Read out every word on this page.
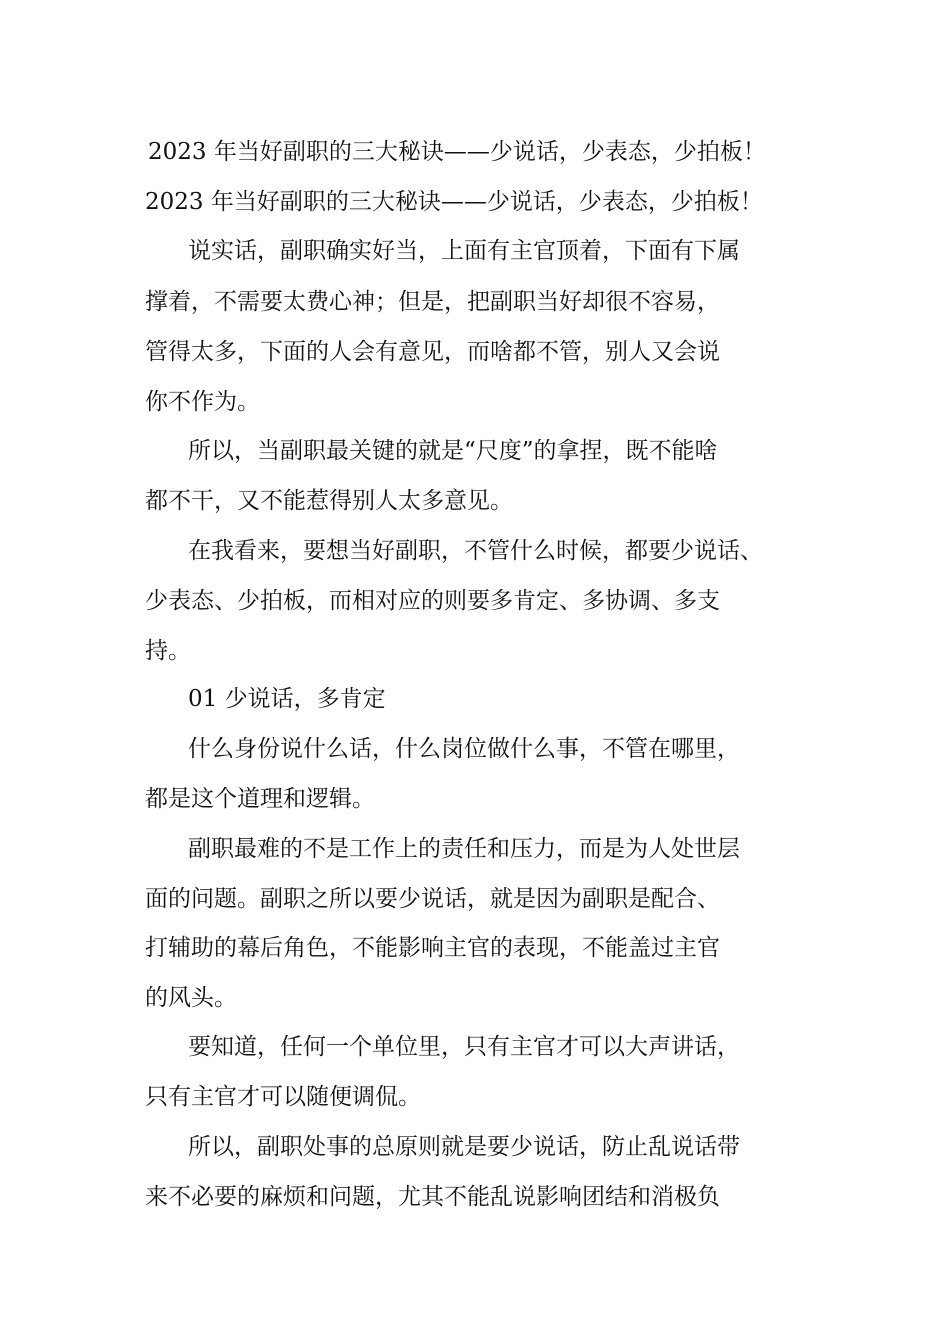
2023 年当好副职的三大秘诀——少说话，少表态，少拍板！
2023 年当好副职的三大秘诀——少说话，少表态，少拍板！
说实话，副职确实好当，上面有主官顶着，下面有下属
撑着，不需要太费心神；但是，把副职当好却很不容易，
管得太多，下面的人会有意见，而啥都不管，别人又会说
你不作为。
所以，当副职最关键的就是“尺度”的拿捏，既不能啥
都不干，又不能惹得别人太多意见。
在我看来，要想当好副职，不管什么时候，都要少说话、
少表态、少拍板，而相对应的则要多肯定、多协调、多支
持。
01 少说话，多肯定
什么身份说什么话，什么岗位做什么事，不管在哪里，
都是这个道理和逻辑。
副职最难的不是工作上的责任和压力，而是为人处世层
面的问题。副职之所以要少说话，就是因为副职是配合、
打辅助的幕后角色，不能影响主官的表现，不能盖过主官
的风头。
要知道，任何一个单位里，只有主官才可以大声讲话，
只有主官才可以随便调侃。
所以，副职处事的总原则就是要少说话，防止乱说话带
来不必要的麻烦和问题，尤其不能乱说影响团结和消极负
